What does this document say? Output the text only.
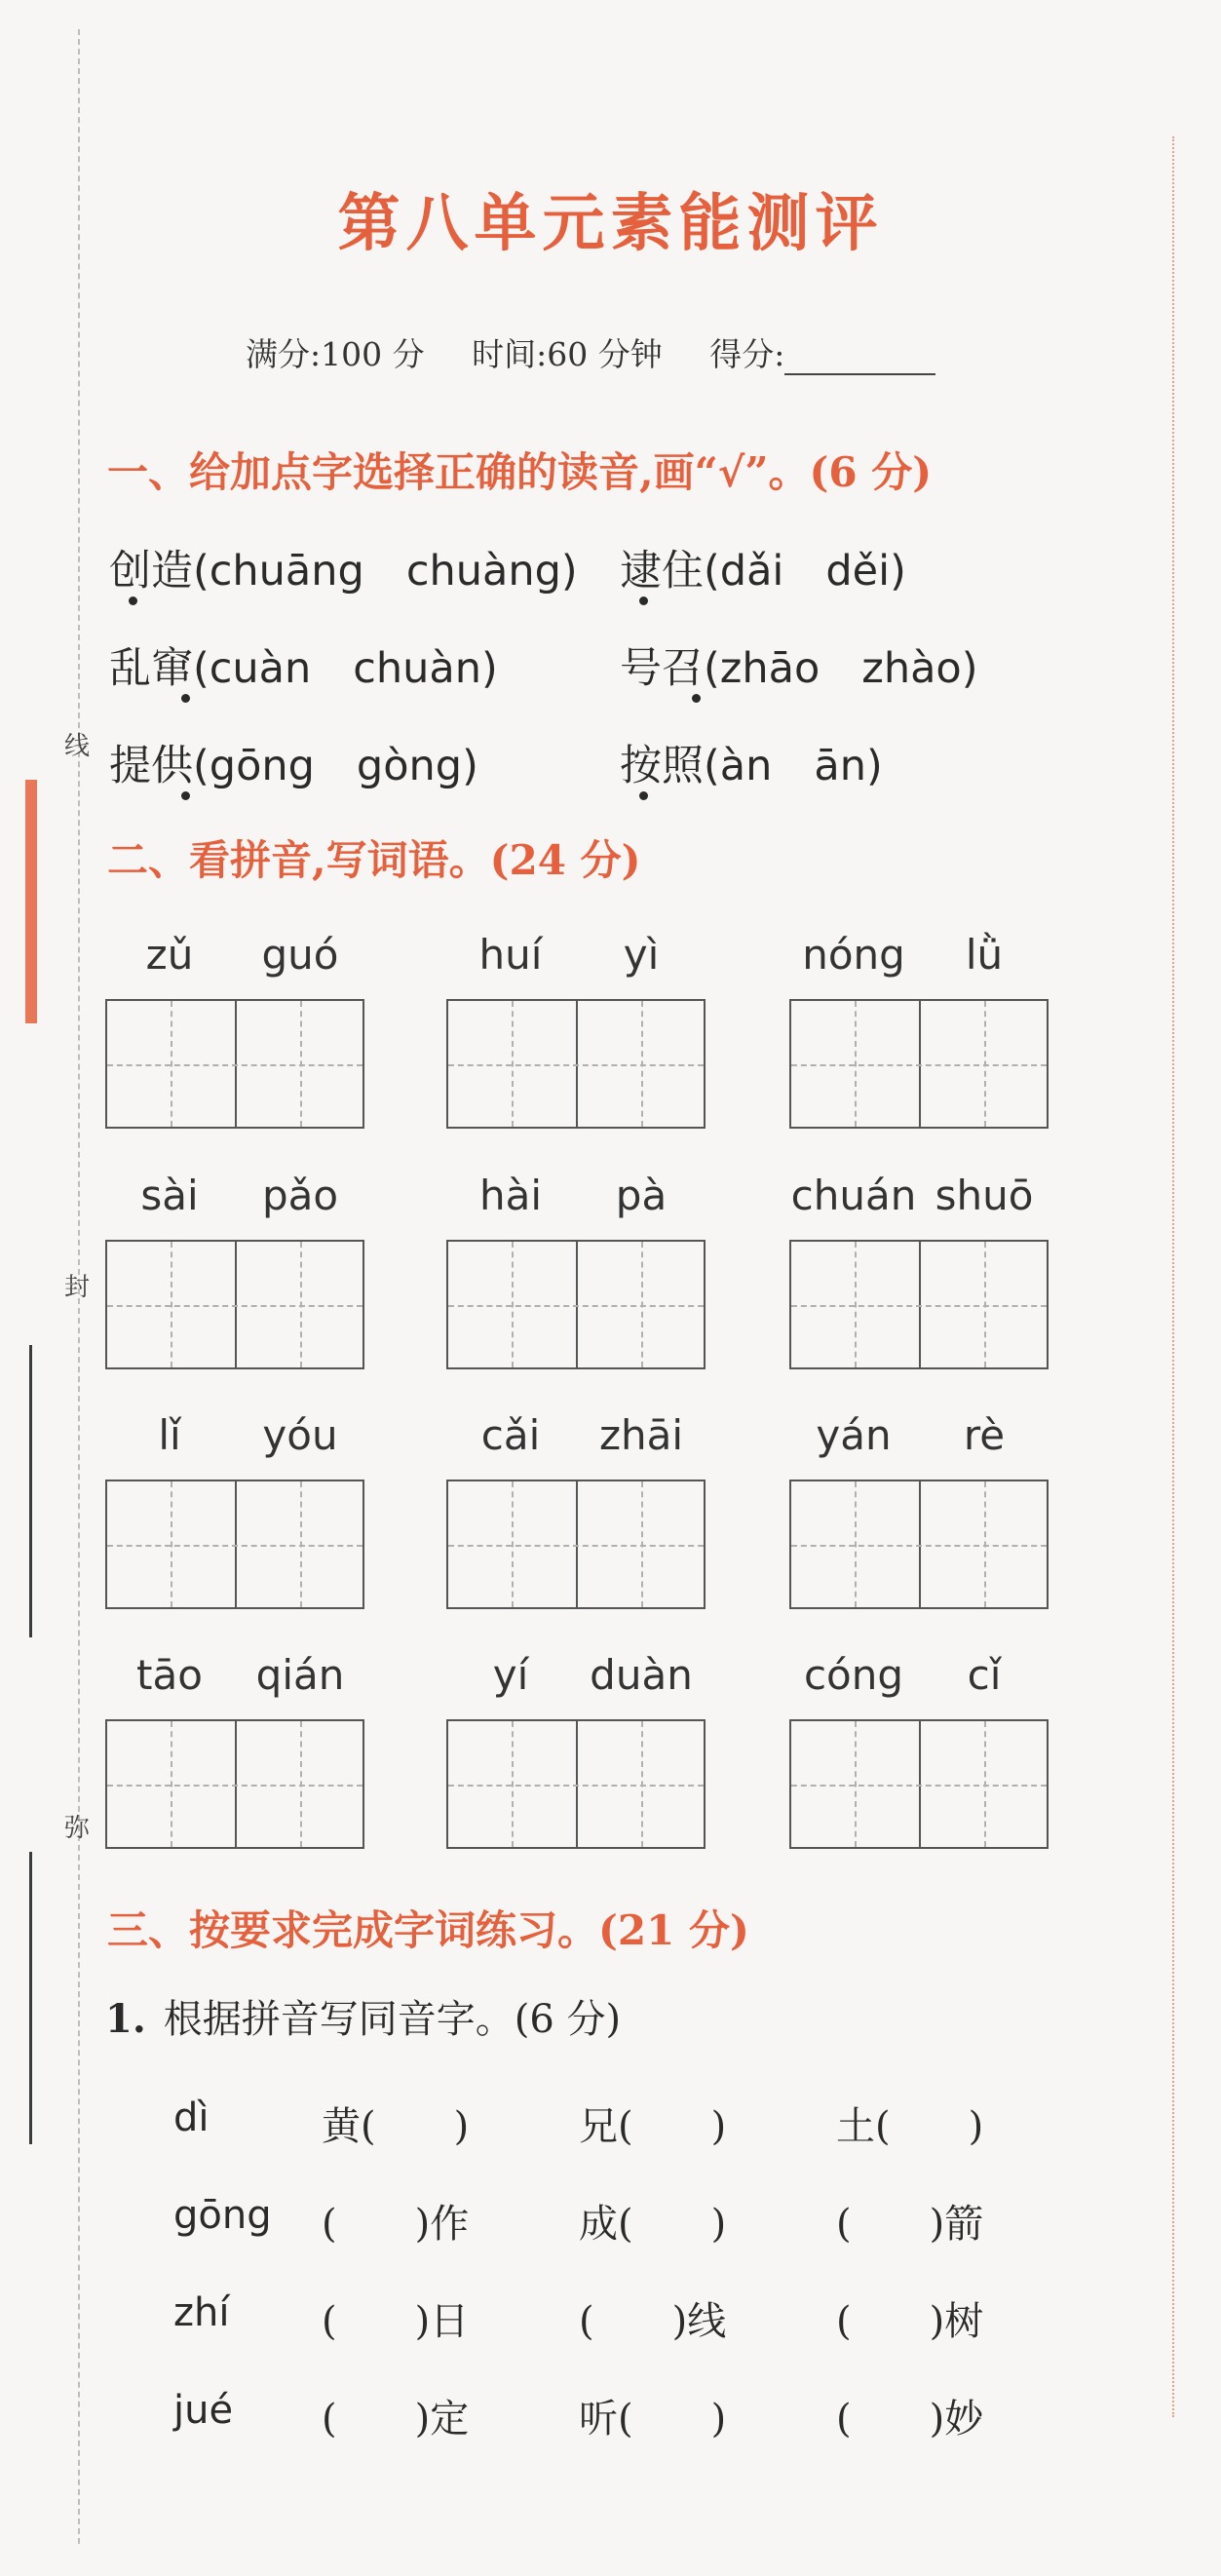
线
封
弥
第八单元素能测评
满分:100 分 时间:60 分钟 得分:
一、给加点字选择正确的读音,画“√”。(6 分)
创造(chuāng　chuàng) 逮住(dǎi　děi)
乱窜(cuàn　chuàn)	号召(zhāo　zhào)
提供(gōng　gòng)	按照(àn　ān)
二、看拼音,写词语。(24 分)
zǔ guó	huí yì	nóng lǜ
sài pǎo	hài pà	chuán shuō
lǐ yóu	cǎi zhāi	yán rè
tāo qián	yí duàn	cóng cǐ
三、按要求完成字词练习。(21 分)
1. 根据拼音写同音字。(6 分)
dì	黄(　　)	兄(　　)	土(　　)
gōng (　　)作	成(　　)	(　　)箭
zhí (　　)日	(　　)线	(　　)树
jué (　　)定	听(　　)	(　　)妙
